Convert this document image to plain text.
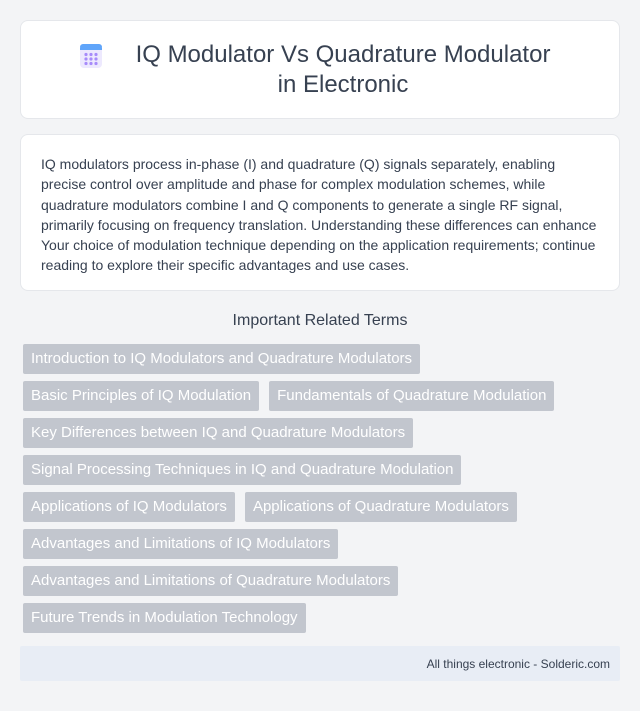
IQ Modulator Vs Quadrature Modulator in Electronic

IQ modulators process in-phase (I) and quadrature (Q) signals separately, enabling precise control over amplitude and phase for complex modulation schemes, while quadrature modulators combine I and Q components to generate a single RF signal, primarily focusing on frequency translation. Understanding these differences can enhance Your choice of modulation technique depending on the application requirements; continue reading to explore their specific advantages and use cases.

Important Related Terms
Introduction to IQ Modulators and Quadrature Modulators
Basic Principles of IQ Modulation	Fundamentals of Quadrature Modulation
Key Differences between IQ and Quadrature Modulators
Signal Processing Techniques in IQ and Quadrature Modulation
Applications of IQ Modulators	Applications of Quadrature Modulators
Advantages and Limitations of IQ Modulators
Advantages and Limitations of Quadrature Modulators
Future Trends in Modulation Technology
All things electronic - Solderic.com
